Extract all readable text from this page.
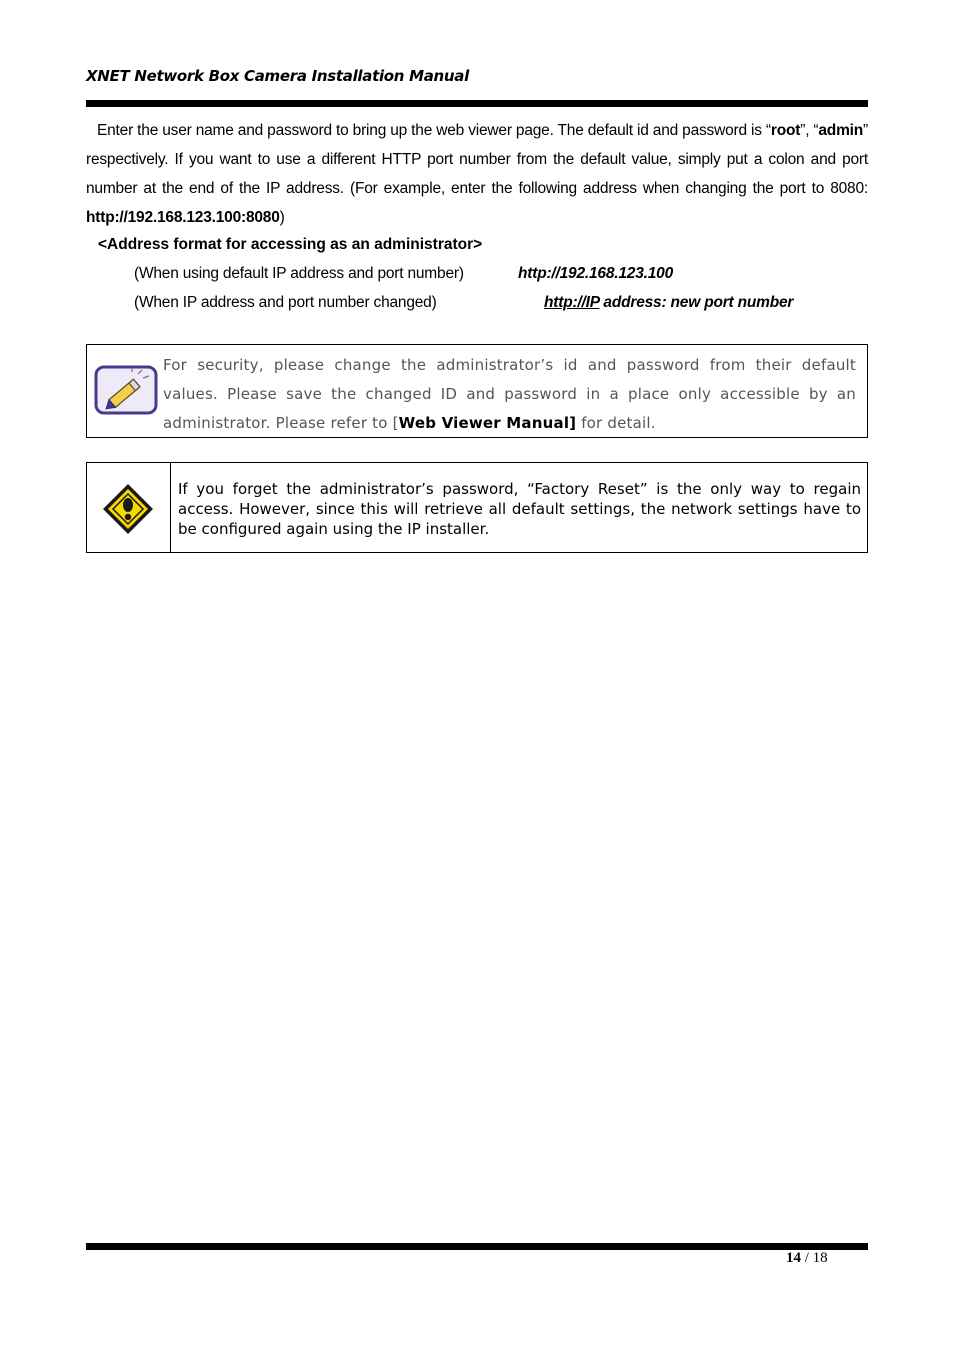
XNET Network Box Camera Installation Manual
Enter the user name and password to bring up the web viewer page. The default id and password is “root”, “admin” respectively. If you want to use a different HTTP port number from the default value, simply put a colon and port number at the end of the IP address. (For example, enter the following address when changing the port to 8080: http://192.168.123.100:8080)
<Address format for accessing as an administrator>
(When using default IP address and port number)	http://192.168.123.100
(When IP address and port number changed)	http://IP address: new port number
For security, please change the administrator’s id and password from their default values. Please save the changed ID and password in a place only accessible by an administrator. Please refer to [Web Viewer Manual] for detail.
If you forget the administrator’s password, “Factory Reset” is the only way to regain access. However, since this will retrieve all default settings, the network settings have to be configured again using the IP installer.
14 / 18
